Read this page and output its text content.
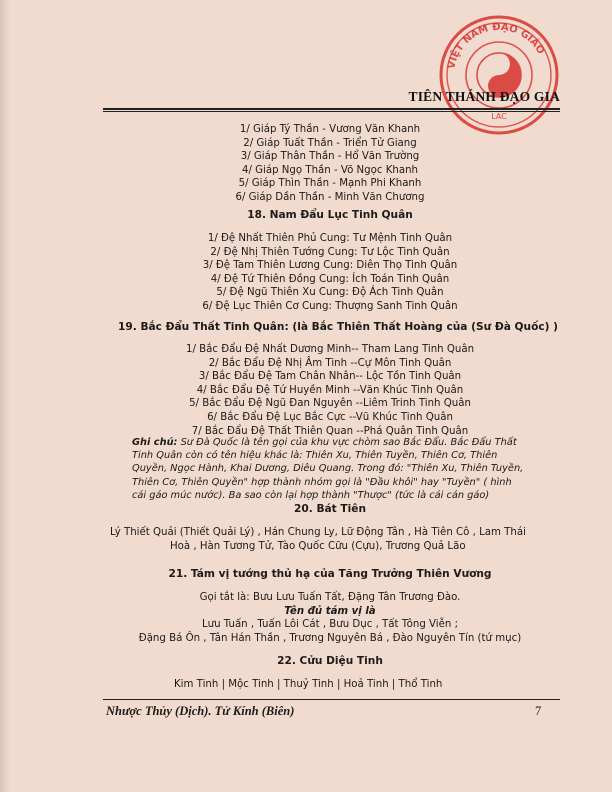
VIỆT NAM ĐẠO GIÁO
LAC
TIÊN THÁNH ĐẠO GIA
1/ Giáp Tý Thần - Vương Văn Khanh
2/ Giáp Tuất Thần - Triển Tử Giang
3/ Giáp Thân Thần - Hổ Văn Trường
4/ Giáp Ngọ Thần - Võ Ngọc Khanh
5/ Giáp Thìn Thần - Mạnh Phi Khanh
6/ Giáp Dần Thần - Minh Văn Chương
18. Nam Đẩu Lục Tinh Quân
1/ Đệ Nhất Thiên Phủ Cung: Tư Mệnh Tinh Quân
2/ Đệ Nhị Thiên Tướng Cung: Tư Lộc Tinh Quân
3/ Đệ Tam Thiên Lương Cung: Diên Thọ Tinh Quân
4/ Đệ Tứ Thiên Đồng Cung: Ích Toán Tinh Quân
5/ Đệ Ngũ Thiên Xu Cung: Độ Ách Tinh Quân
6/ Đệ Lục Thiên Cơ Cung: Thượng Sanh Tinh Quân
19. Bắc Đẩu Thất Tinh Quân: (là Bắc Thiên Thất Hoàng của (Sư Đà Quốc) )
1/ Bắc Đẩu Đệ Nhất Dương Minh-- Tham Lang Tinh Quân
2/ Bắc Đẩu Đệ Nhị Âm Tinh --Cự Môn Tinh Quân
3/ Bắc Đẩu Đệ Tam Chân Nhân-- Lộc Tồn Tinh Quân
4/ Bắc Đẩu Đệ Tứ Huyền Minh --Văn Khúc Tinh Quân
5/ Bắc Đẩu Đệ Ngũ Đan Nguyên --Liêm Trinh Tinh Quân
6/ Bắc Đẩu Đệ Lục Bắc Cực --Vũ Khúc Tinh Quân
7/ Bắc Đẩu Đệ Thất Thiên Quan --Phá Quân Tinh Quân
Ghi chú: Sư Đà Quốc là tên gọi của khu vực chòm sao Bắc Đẩu. Bắc Đẩu Thất
Tinh Quân còn có tên hiệu khác là: Thiên Xu, Thiên Tuyền, Thiên Cơ, Thiên
Quyền, Ngọc Hành, Khai Dương, Diêu Quang. Trong đó: "Thiên Xu, Thiên Tuyền,
Thiên Cơ, Thiên Quyền" hợp thành nhóm gọi là "Đầu khôi" hay "Tuyền" ( hình
cái gáo múc nước). Ba sao còn lại hợp thành "Thược" (tức là cái cán gáo)
20. Bát Tiên
Lý Thiết Quải (Thiết Quải Lý) , Hán Chung Ly, Lữ Động Tân , Hà Tiên Cô , Lam Thái
Hoà , Hàn Tương Tử, Tào Quốc Cữu (Cựu), Trương Quả Lão
21. Tám vị tướng thủ hạ của Tăng Trưởng Thiên Vương
Gọi tắt là: Bưu Lưu Tuấn Tất, Đặng Tân Trương Đào.
Tên đủ tám vị là
Lưu Tuấn , Tuấn Lôi Cát , Bưu Dục , Tất Tông Viễn ;
Đặng Bá Ôn , Tân Hán Thần , Trương Nguyên Bá , Đào Nguyên Tín (tứ mục)
22. Cửu Diệu Tinh
Kim Tinh | Mộc Tinh | Thuỷ Tinh | Hoả Tinh | Thổ Tinh
Nhược Thủy (Dịch). Tử Kính (Biên)	7
